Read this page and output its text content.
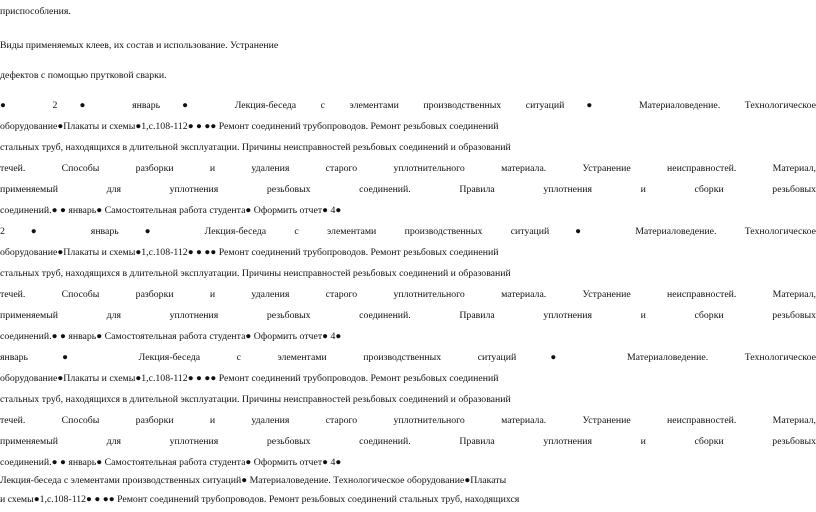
приспособления.
Виды применяемых клеев, их состав и использование. Устранение
дефектов с помощью прутковой сварки.
● 2● январь● Лекция-беседа с элементами производственных ситуаций● Материаловедение. Технологическое
оборудование●Плакаты и схемы●1,с.108-112● ● ●● Ремонт соединений трубопроводов. Ремонт резьбовых соединений
стальных труб, находящихся в длительной эксплуатации. Причины неисправностей резьбовых соединений и образований
течей. Способы разборки и удаления старого уплотнительного материала. Устранение неисправностей. Материал,
применяемый для уплотнения резьбовых соединений. Правила уплотнения и сборки резьбовых
соединений.● ● январь● Самостоятельная работа студента● Оформить отчет● 4●
2● январь● Лекция-беседа с элементами производственных ситуаций● Материаловедение. Технологическое
оборудование●Плакаты и схемы●1,с.108-112● ● ●● Ремонт соединений трубопроводов. Ремонт резьбовых соединений
стальных труб, находящихся в длительной эксплуатации. Причины неисправностей резьбовых соединений и образований
течей. Способы разборки и удаления старого уплотнительного материала. Устранение неисправностей. Материал,
применяемый для уплотнения резьбовых соединений. Правила уплотнения и сборки резьбовых
соединений.● ● январь● Самостоятельная работа студента● Оформить отчет● 4●
январь● Лекция-беседа с элементами производственных ситуаций● Материаловедение. Технологическое
оборудование●Плакаты и схемы●1,с.108-112● ● ●● Ремонт соединений трубопроводов. Ремонт резьбовых соединений
стальных труб, находящихся в длительной эксплуатации. Причины неисправностей резьбовых соединений и образований
течей. Способы разборки и удаления старого уплотнительного материала. Устранение неисправностей. Материал,
применяемый для уплотнения резьбовых соединений. Правила уплотнения и сборки резьбовых
соединений.● ● январь● Самостоятельная работа студента● Оформить отчет● 4●
Лекция-беседа с элементами производственных ситуаций● Материаловедение. Технологическое оборудование●Плакаты
и схемы●1,с.108-112● ● ●● Ремонт соединений трубопроводов. Ремонт резьбовых соединений стальных труб, находящихся
